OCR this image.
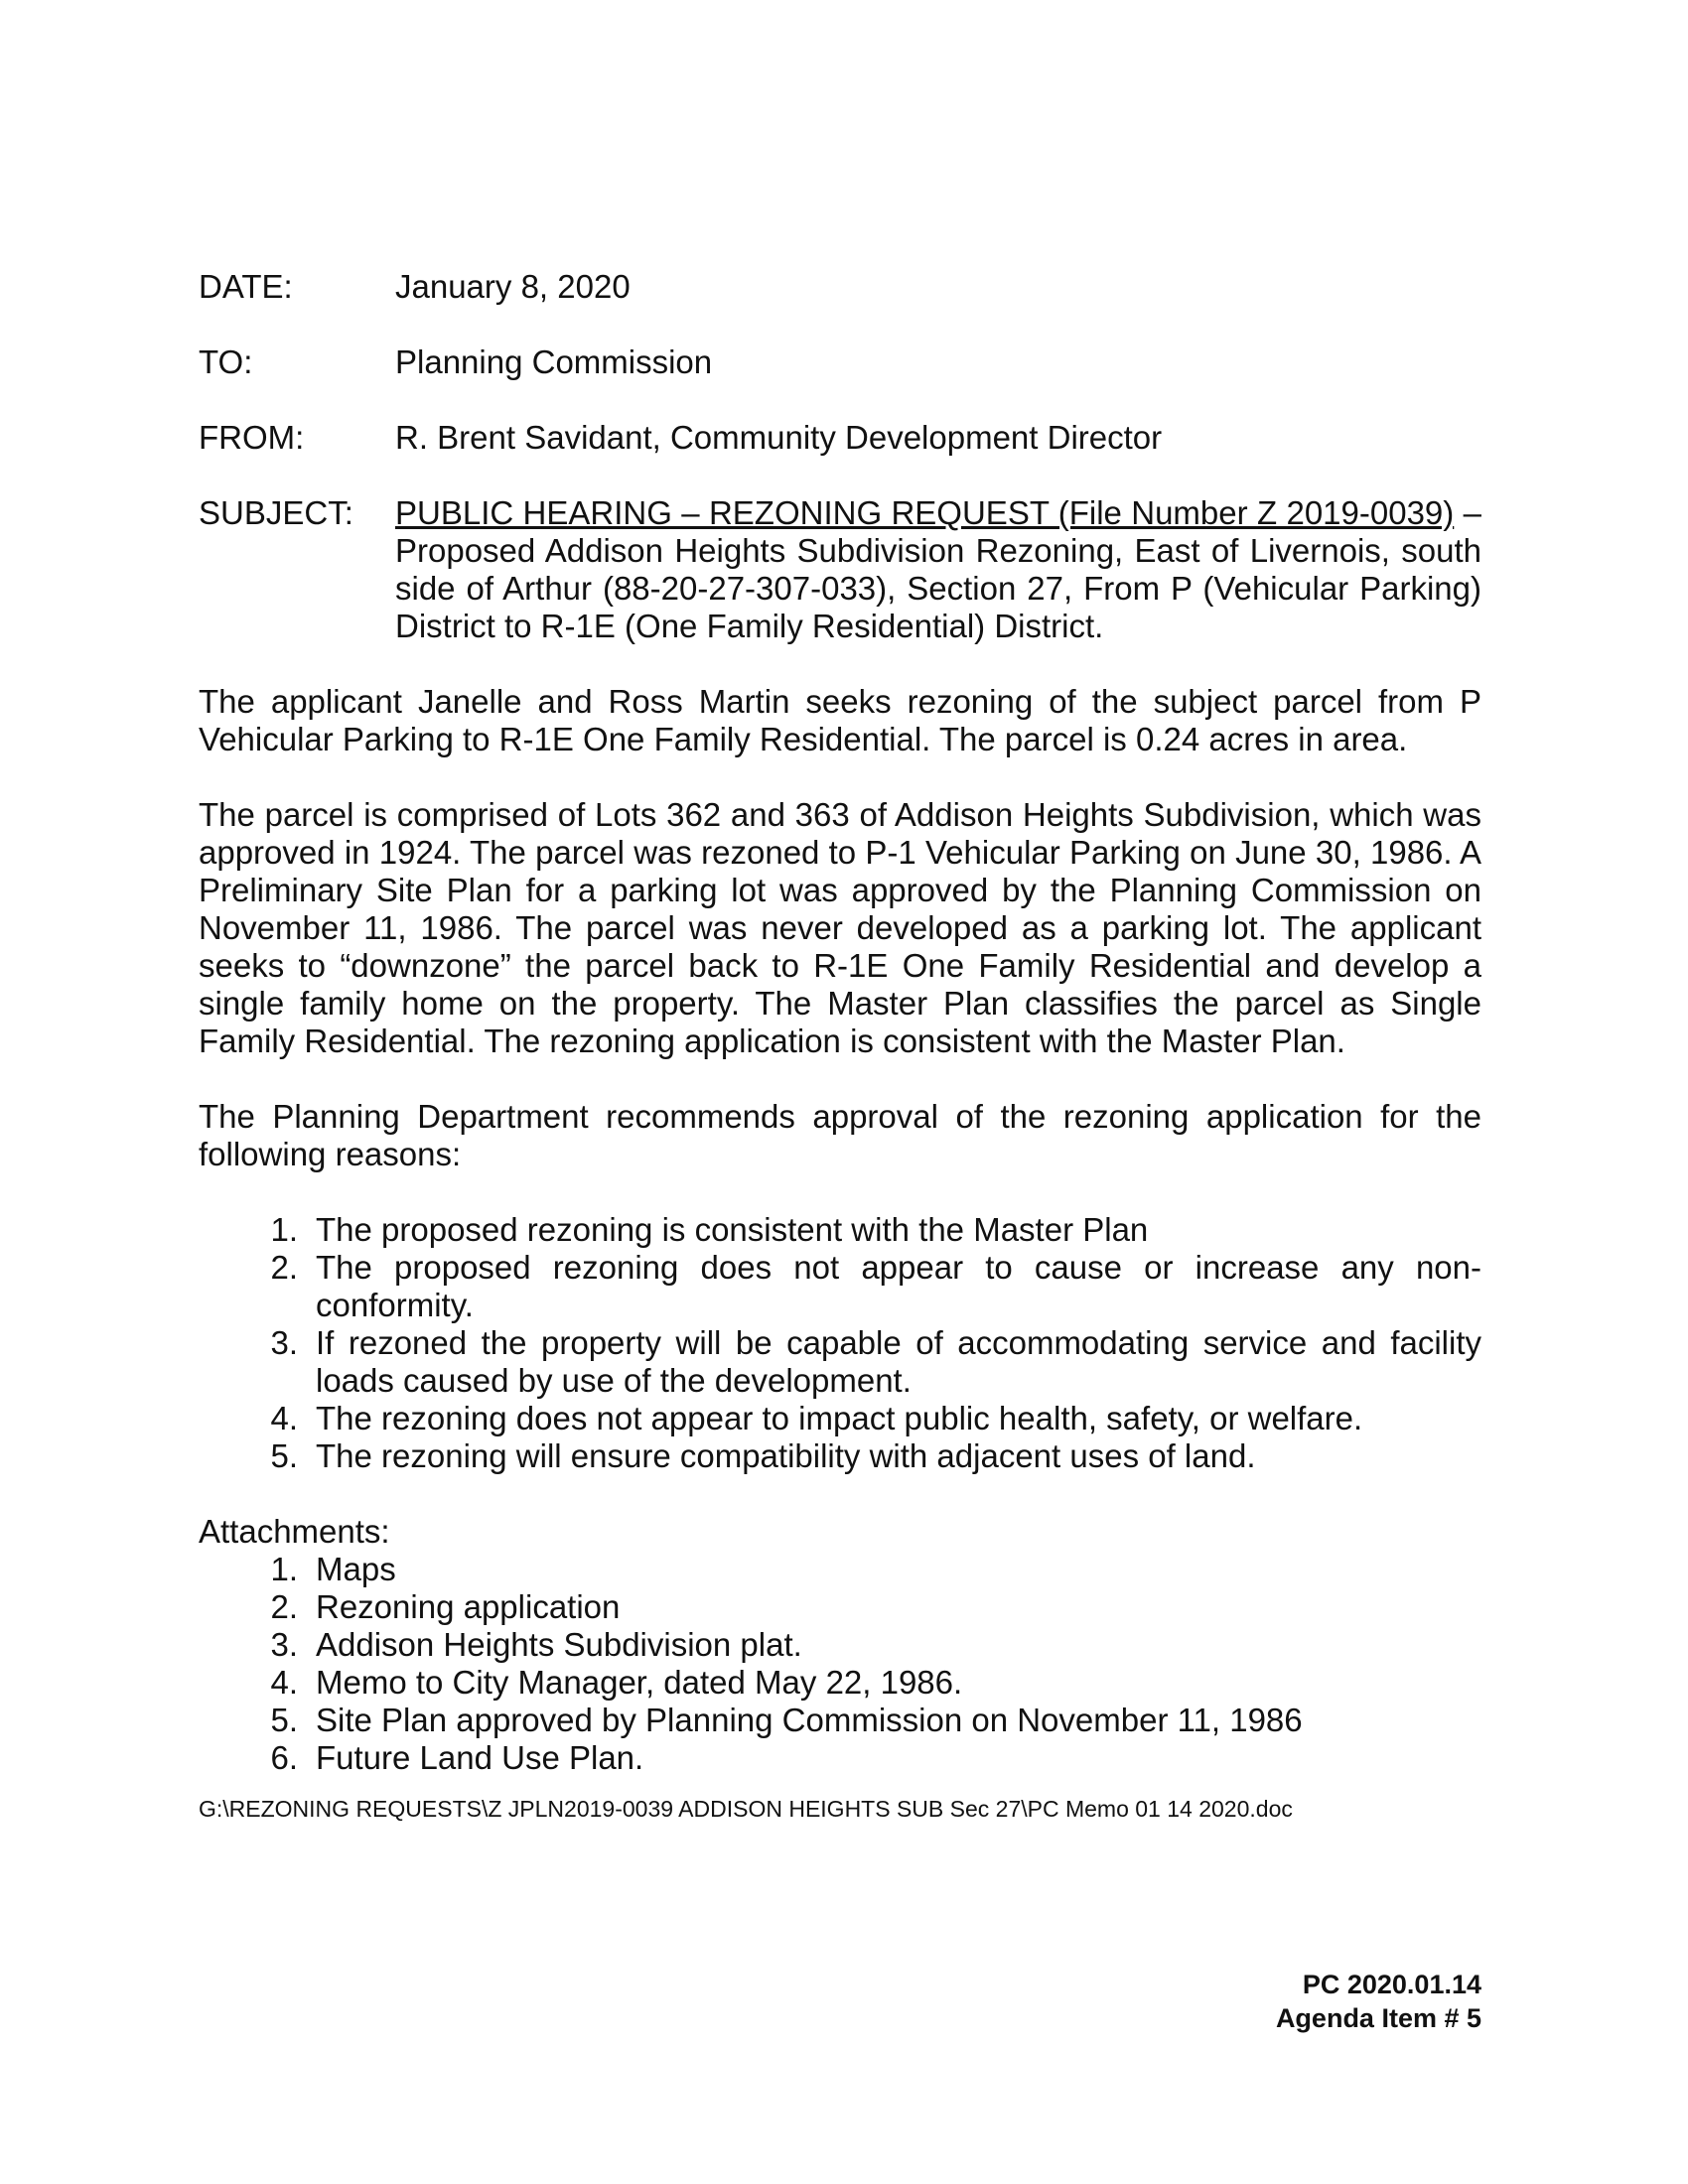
DATE:	January 8, 2020
TO:	Planning Commission
FROM:	R. Brent Savidant, Community Development Director
SUBJECT:	PUBLIC HEARING – REZONING REQUEST (File Number Z 2019-0039) – Proposed Addison Heights Subdivision Rezoning, East of Livernois, south side of Arthur (88-20-27-307-033), Section 27, From P (Vehicular Parking) District to R-1E (One Family Residential) District.

The applicant Janelle and Ross Martin seeks rezoning of the subject parcel from P Vehicular Parking to R-1E One Family Residential. The parcel is 0.24 acres in area.

The parcel is comprised of Lots 362 and 363 of Addison Heights Subdivision, which was approved in 1924. The parcel was rezoned to P-1 Vehicular Parking on June 30, 1986. A Preliminary Site Plan for a parking lot was approved by the Planning Commission on November 11, 1986. The parcel was never developed as a parking lot. The applicant seeks to “downzone” the parcel back to R-1E One Family Residential and develop a single family home on the property. The Master Plan classifies the parcel as Single Family Residential. The rezoning application is consistent with the Master Plan.

The Planning Department recommends approval of the rezoning application for the following reasons:

1. The proposed rezoning is consistent with the Master Plan
2. The proposed rezoning does not appear to cause or increase any non-conformity.
3. If rezoned the property will be capable of accommodating service and facility loads caused by use of the development.
4. The rezoning does not appear to impact public health, safety, or welfare.
5. The rezoning will ensure compatibility with adjacent uses of land.

Attachments:

1. Maps
2. Rezoning application
3. Addison Heights Subdivision plat.
4. Memo to City Manager, dated May 22, 1986.
5. Site Plan approved by Planning Commission on November 11, 1986
6. Future Land Use Plan.

G:\REZONING REQUESTS\Z JPLN2019-0039 ADDISON HEIGHTS SUB Sec 27\PC Memo 01 14 2020.doc

PC 2020.01.14
Agenda Item # 5
